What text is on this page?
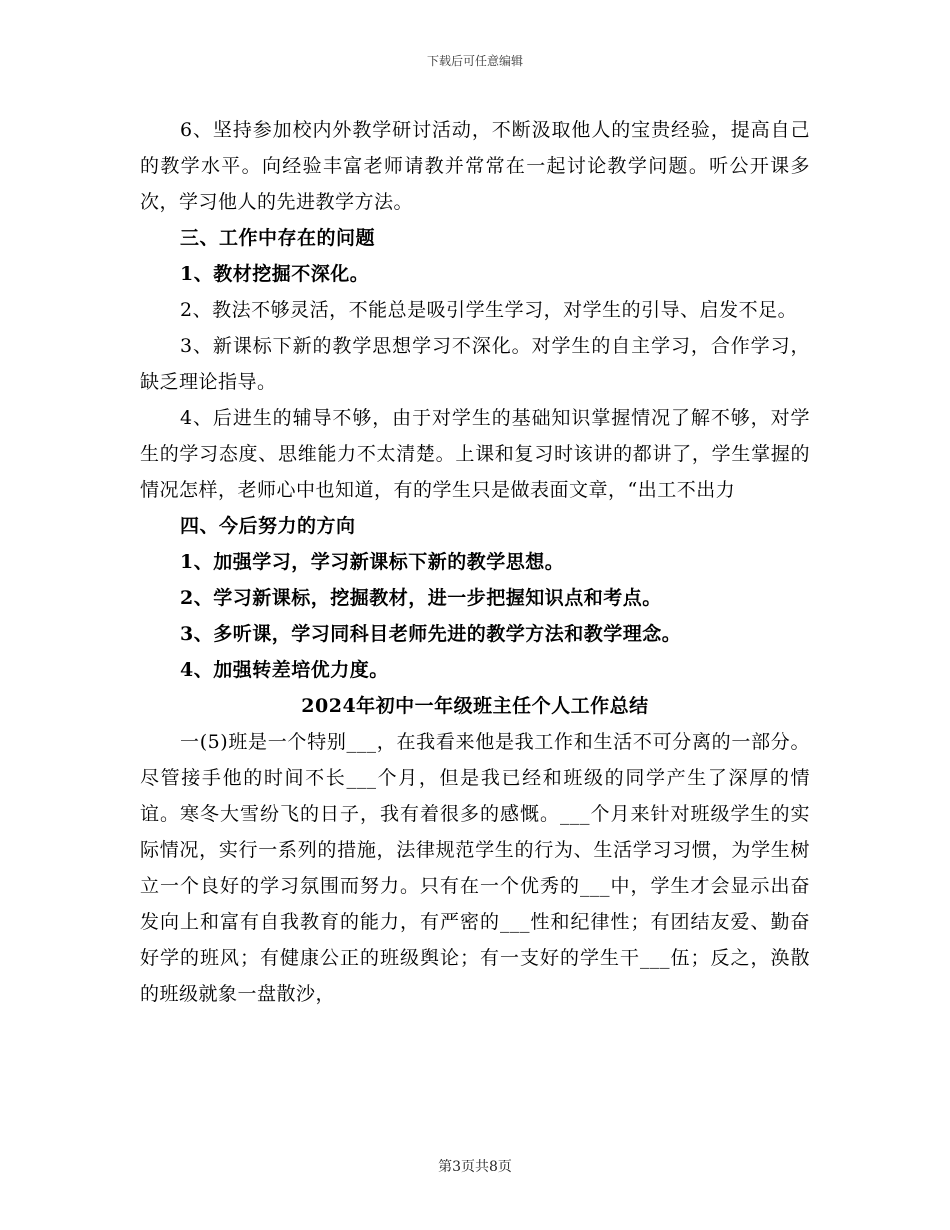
下载后可任意编辑

6、坚持参加校内外教学研讨活动，不断汲取他人的宝贵经验，提高自己的教学水平。向经验丰富老师请教并常常在一起讨论教学问题。听公开课多次，学习他人的先进教学方法。

三、工作中存在的问题

1、教材挖掘不深化。

2、教法不够灵活，不能总是吸引学生学习，对学生的引导、启发不足。

3、新课标下新的教学思想学习不深化。对学生的自主学习，合作学习，缺乏理论指导。

4、后进生的辅导不够，由于对学生的基础知识掌握情况了解不够，对学生的学习态度、思维能力不太清楚。上课和复习时该讲的都讲了，学生掌握的情况怎样，老师心中也知道，有的学生只是做表面文章，“出工不出力

四、今后努力的方向

1、加强学习，学习新课标下新的教学思想。

2、学习新课标，挖掘教材，进一步把握知识点和考点。

3、多听课，学习同科目老师先进的教学方法和教学理念。

4、加强转差培优力度。

2024年初中一年级班主任个人工作总结

一(5)班是一个特别___，在我看来他是我工作和生活不可分离的一部分。尽管接手他的时间不长___个月，但是我已经和班级的同学产生了深厚的情谊。寒冬大雪纷飞的日子，我有着很多的感慨。___个月来针对班级学生的实际情况，实行一系列的措施，法律规范学生的行为、生活学习习惯，为学生树立一个良好的学习氛围而努力。只有在一个优秀的___中，学生才会显示出奋发向上和富有自我教育的能力，有严密的___性和纪律性；有团结友爱、勤奋好学的班风；有健康公正的班级舆论；有一支好的学生干___伍；反之，涣散的班级就象一盘散沙，

第3页共8页
